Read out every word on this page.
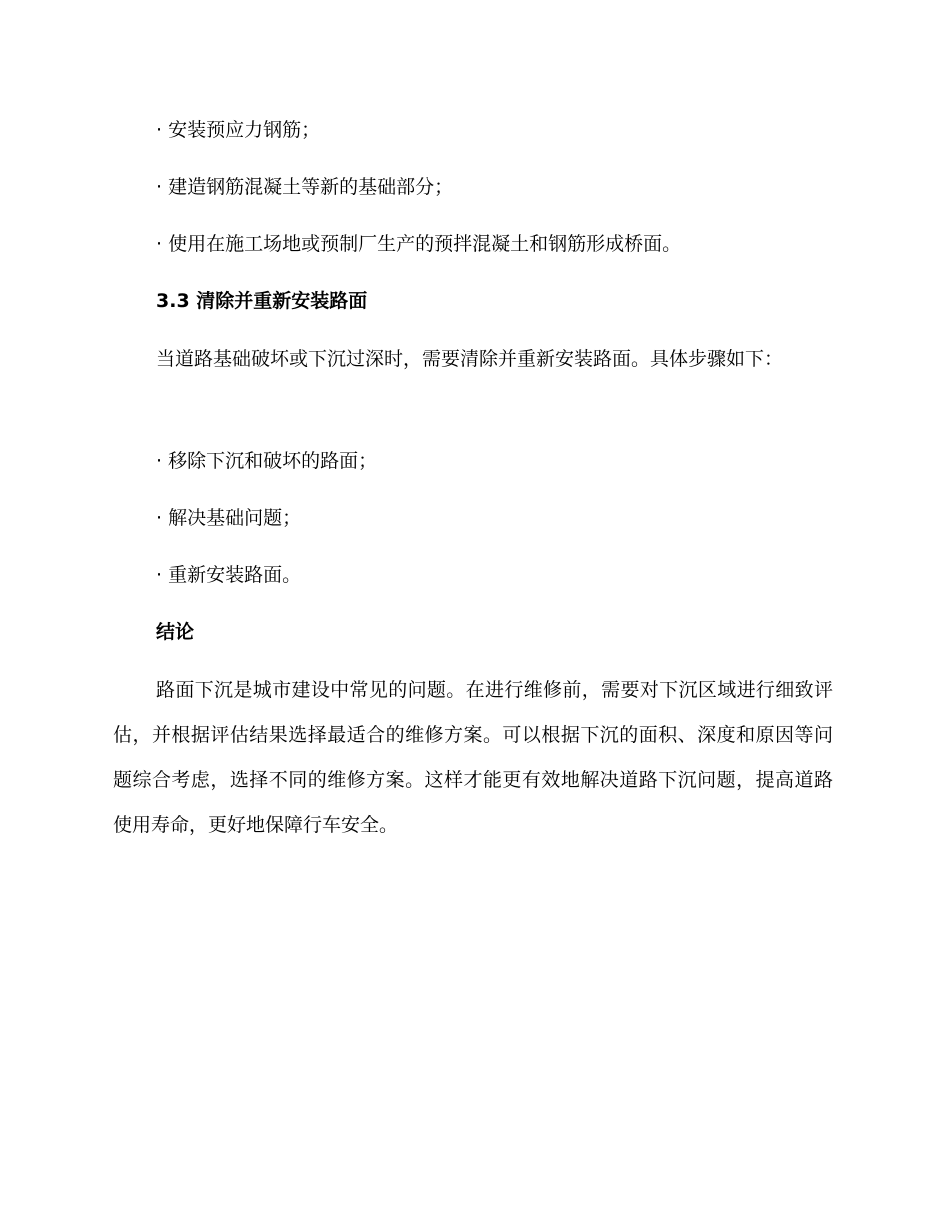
· 安装预应力钢筋；
· 建造钢筋混凝土等新的基础部分；
· 使用在施工场地或预制厂生产的预拌混凝土和钢筋形成桥面。
3.3 清除并重新安装路面
当道路基础破坏或下沉过深时，需要清除并重新安装路面。具体步骤如下：
· 移除下沉和破坏的路面；
· 解决基础问题；
· 重新安装路面。
结论
路面下沉是城市建设中常见的问题。在进行维修前，需要对下沉区域进行细致评估，并根据评估结果选择最适合的维修方案。可以根据下沉的面积、深度和原因等问题综合考虑，选择不同的维修方案。这样才能更有效地解决道路下沉问题，提高道路使用寿命，更好地保障行车安全。
